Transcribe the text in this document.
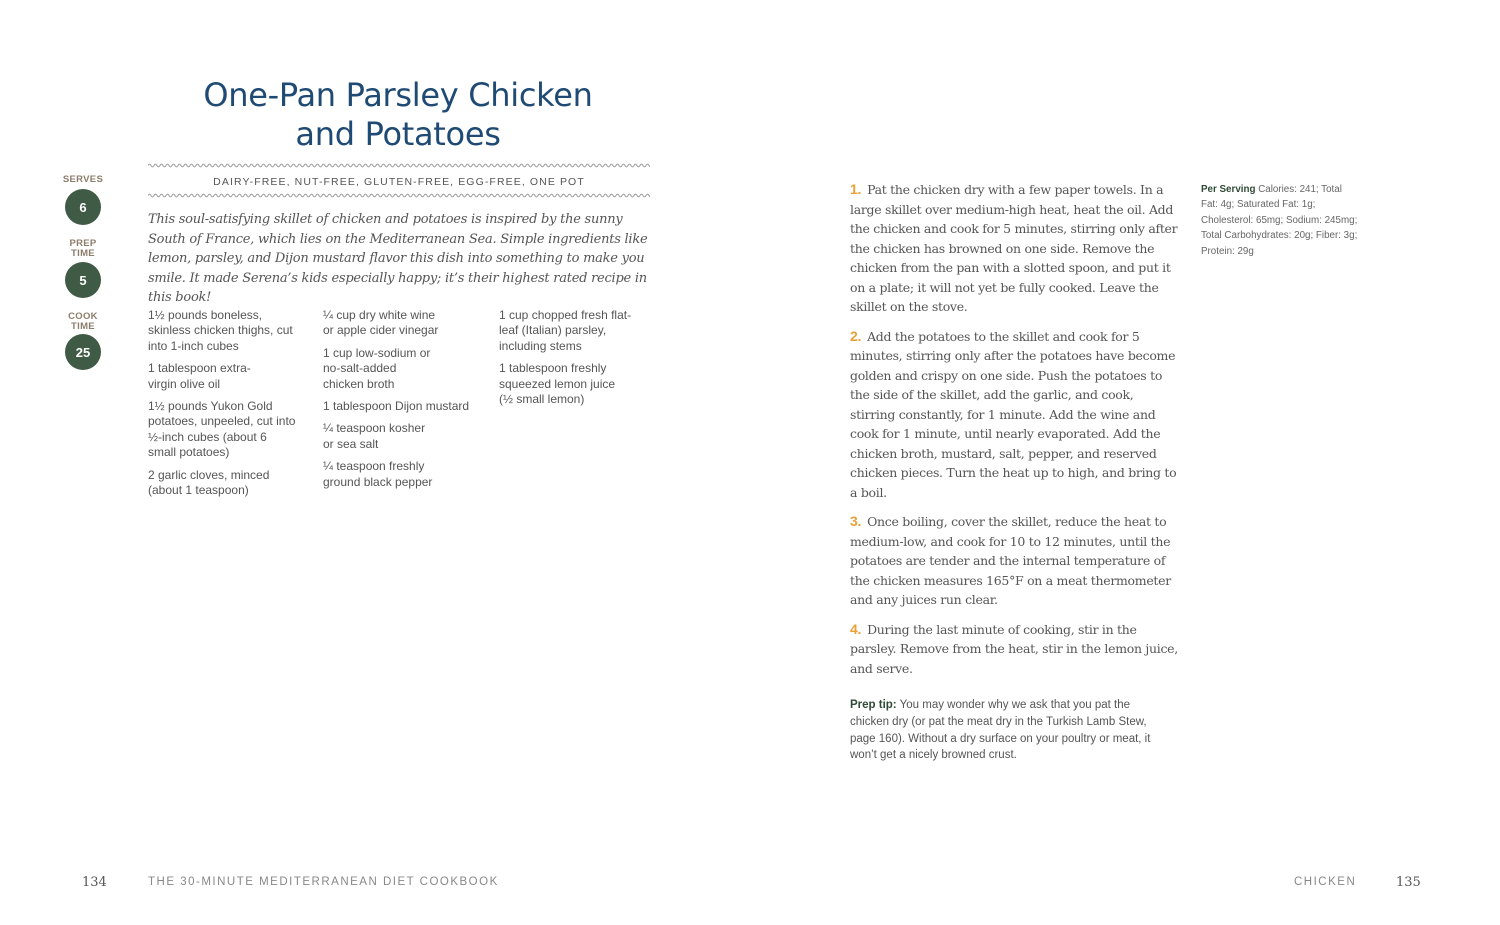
One-Pan Parsley Chicken
and Potatoes
DAIRY-FREE, NUT-FREE, GLUTEN-FREE, EGG-FREE, ONE POT
SERVES
6
PREP TIME
5
COOK TIME
25
This soul-satisfying skillet of chicken and potatoes is inspired by the sunny South of France, which lies on the Mediterranean Sea. Simple ingredients like lemon, parsley, and Dijon mustard flavor this dish into something to make you smile. It made Serena’s kids especially happy; it’s their highest rated recipe in this book!
1½ pounds boneless, skinless chicken thighs, cut into 1-inch cubes
1 tablespoon extra-virgin olive oil
1½ pounds Yukon Gold potatoes, unpeeled, cut into ½-inch cubes (about 6 small potatoes)
2 garlic cloves, minced (about 1 teaspoon)
¼ cup dry white wine or apple cider vinegar
1 cup low-sodium or no-salt-added chicken broth
1 tablespoon Dijon mustard
¼ teaspoon kosher or sea salt
¼ teaspoon freshly ground black pepper
1 cup chopped fresh flat-leaf (Italian) parsley, including stems
1 tablespoon freshly squeezed lemon juice (½ small lemon)
1. Pat the chicken dry with a few paper towels. In a large skillet over medium-high heat, heat the oil. Add the chicken and cook for 5 minutes, stirring only after the chicken has browned on one side. Remove the chicken from the pan with a slotted spoon, and put it on a plate; it will not yet be fully cooked. Leave the skillet on the stove.
2. Add the potatoes to the skillet and cook for 5 minutes, stirring only after the potatoes have become golden and crispy on one side. Push the potatoes to the side of the skillet, add the garlic, and cook, stirring constantly, for 1 minute. Add the wine and cook for 1 minute, until nearly evaporated. Add the chicken broth, mustard, salt, pepper, and reserved chicken pieces. Turn the heat up to high, and bring to a boil.
3. Once boiling, cover the skillet, reduce the heat to medium-low, and cook for 10 to 12 minutes, until the potatoes are tender and the internal temperature of the chicken measures 165°F on a meat thermometer and any juices run clear.
4. During the last minute of cooking, stir in the parsley. Remove from the heat, stir in the lemon juice, and serve.
Prep tip: You may wonder why we ask that you pat the chicken dry (or pat the meat dry in the Turkish Lamb Stew, page 160). Without a dry surface on your poultry or meat, it won’t get a nicely browned crust.
Per Serving Calories: 241; Total Fat: 4g; Saturated Fat: 1g; Cholesterol: 65mg; Sodium: 245mg; Total Carbohydrates: 20g; Fiber: 3g; Protein: 29g
134	THE 30-MINUTE MEDITERRANEAN DIET COOKBOOK	CHICKEN	135
